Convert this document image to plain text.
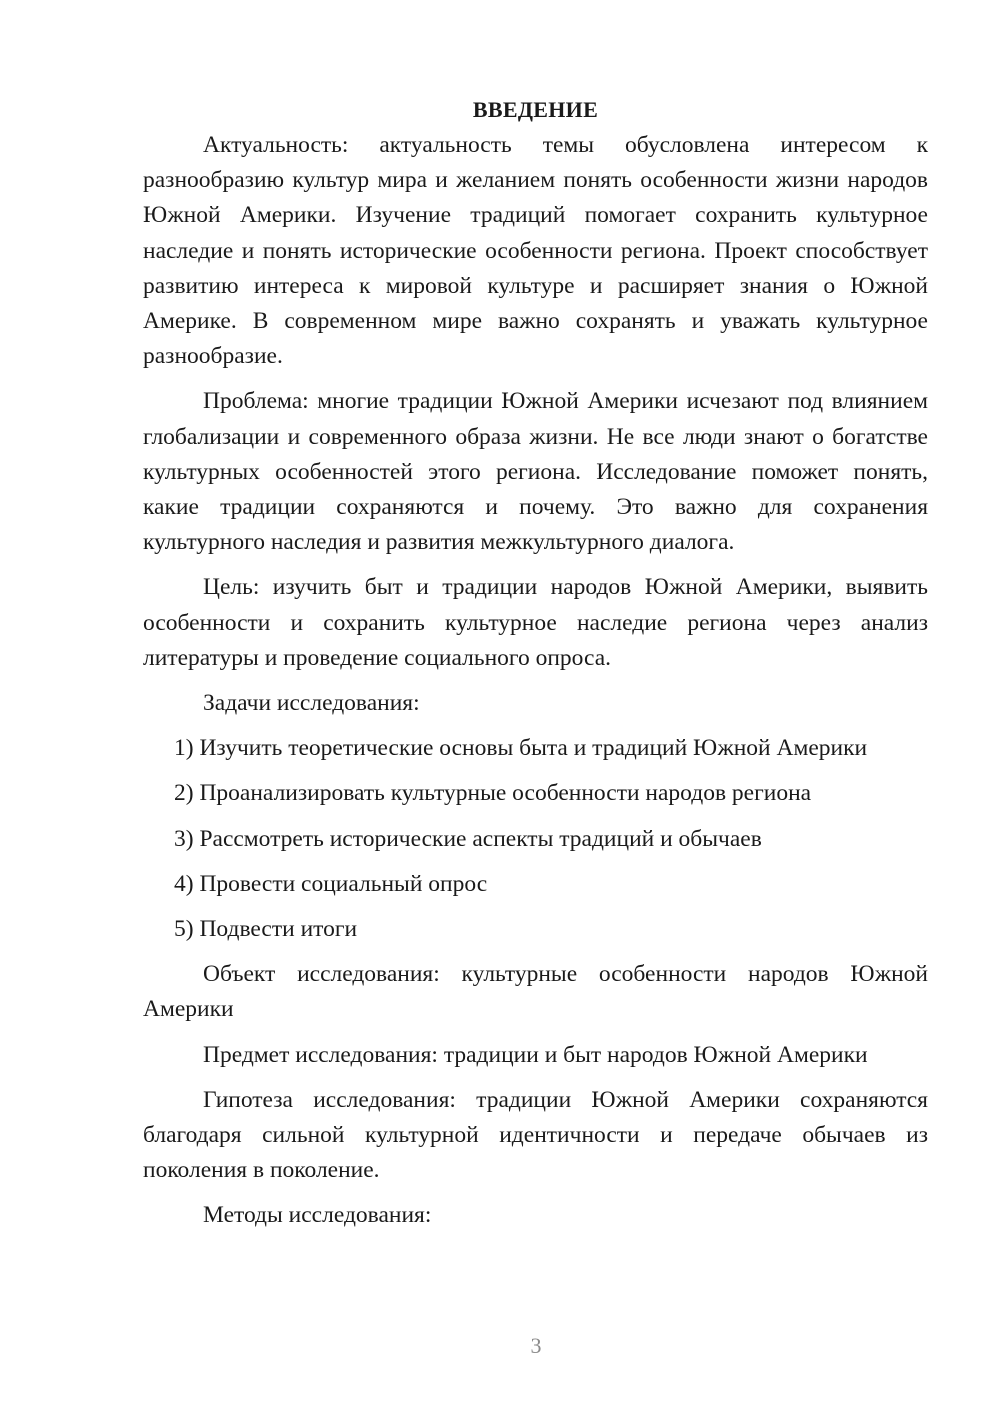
ВВЕДЕНИЕ

Актуальность: актуальность темы обусловлена интересом к разнообразию культур мира и желанием понять особенности жизни народов Южной Америки. Изучение традиций помогает сохранить культурное наследие и понять исторические особенности региона. Проект способствует развитию интереса к мировой культуре и расширяет знания о Южной Америке. В современном мире важно сохранять и уважать культурное разнообразие.

Проблема: многие традиции Южной Америки исчезают под влиянием глобализации и современного образа жизни. Не все люди знают о богатстве культурных особенностей этого региона. Исследование поможет понять, какие традиции сохраняются и почему. Это важно для сохранения культурного наследия и развития межкультурного диалога.

Цель: изучить быт и традиции народов Южной Америки, выявить особенности и сохранить культурное наследие региона через анализ литературы и проведение социального опроса.

Задачи исследования:

1) Изучить теоретические основы быта и традиций Южной Америки
2) Проанализировать культурные особенности народов региона
3) Рассмотреть исторические аспекты традиций и обычаев
4) Провести социальный опрос
5) Подвести итоги

Объект исследования: культурные особенности народов Южной Америки

Предмет исследования: традиции и быт народов Южной Америки

Гипотеза исследования: традиции Южной Америки сохраняются благодаря сильной культурной идентичности и передаче обычаев из поколения в поколение.

Методы исследования:

3
